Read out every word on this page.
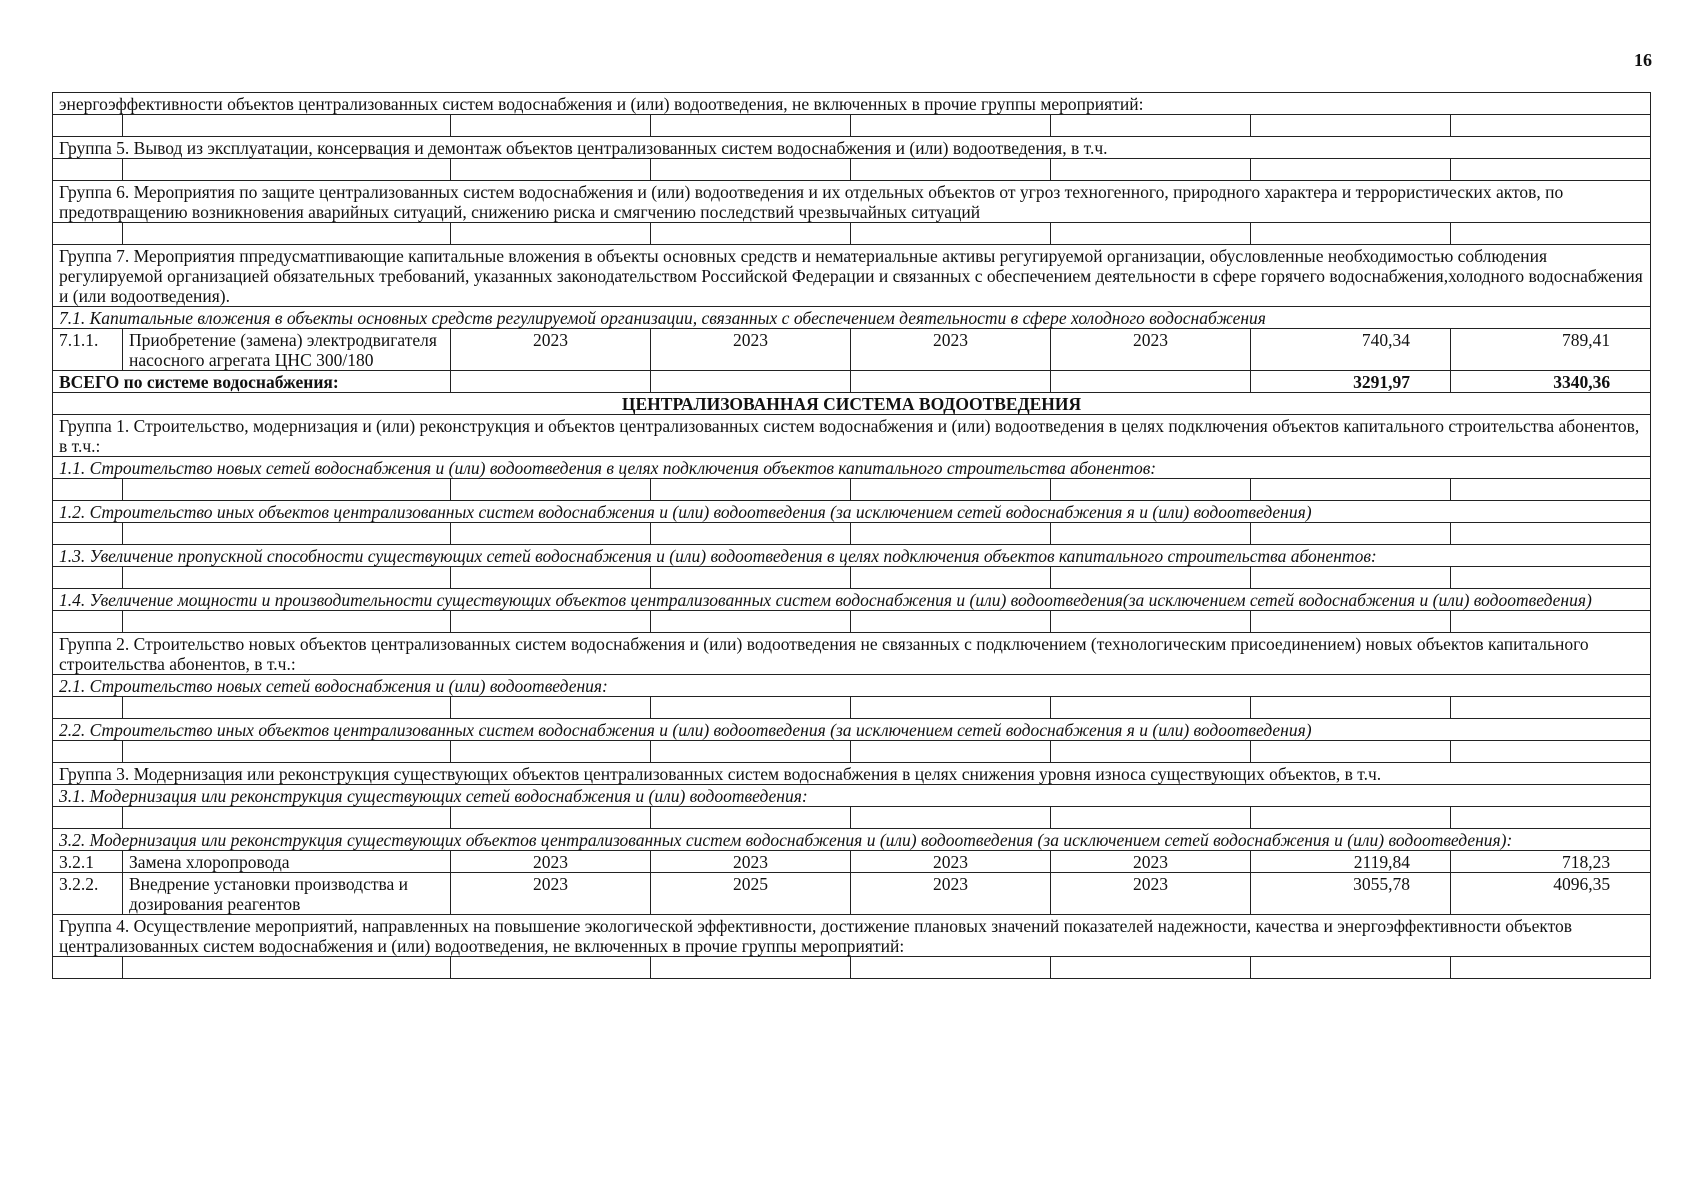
16
энергоэффективности объектов централизованных систем водоснабжения и (или) водоотведения, не включенных в прочие группы мероприятий:							

Группа 5. Вывод из эксплуатации, консервация и демонтаж объектов централизованных систем водоснабжения и (или) водоотведения, в т.ч.							

Группа 6. Мероприятия по защите централизованных систем водоснабжения и (или) водоотведения и их отдельных объектов от угроз техногенного, природного характера и террористических актов, по предотвращению возникновения аварийных ситуаций, снижению риска и смягчению последствий чрезвычайных ситуаций							

Группа 7. Мероприятия ппредусматпивающие капитальные вложения в объекты основных средств и нематериальные активы регугируемой организации, обусловленные необходимостью соблюдения регулируемой организацией обязательных требований, указанных законодательством Российской Федерации и связанных с обеспечением деятельности в сфере горячего водоснабжения,холодного водоснабжения и (или водоотведения).							
7.1. Капитальные вложения в объекты основных средств регулируемой организации, связанных с обеспечением деятельности в сфере холодного водоснабжения							
7.1.1.	Приобретение (замена) электродвигателя насосного агрегата ЦНС 300/180	2023	2023	2023	2023	740,34	789,41
ВСЕГО по системе водоснабжения:						3291,97	3340,36
ЦЕНТРАЛИЗОВАННАЯ СИСТЕМА ВОДООТВЕДЕНИЯ							
Группа 1. Строительство, модернизация и (или) реконструкция и объектов централизованных систем водоснабжения и (или) водоотведения в целях подключения объектов капитального строительства абонентов, в т.ч.:							
1.1. Строительство новых сетей водоснабжения и (или) водоотведения в целях подключения объектов капитального строительства абонентов:							

1.2. Строительство иных объектов централизованных систем водоснабжения и (или) водоотведения (за исключением сетей водоснабжения я и (или) водоотведения)							

1.3. Увеличение пропускной способности существующих сетей водоснабжения и (или) водоотведения в целях подключения объектов капитального строительства абонентов:							

1.4. Увеличение мощности и производительности существующих объектов централизованных систем водоснабжения и (или) водоотведения(за исключением сетей водоснабжения и (или) водоотведения)							

Группа 2. Строительство новых объектов централизованных систем водоснабжения и (или) водоотведения не связанных с подключением (технологическим присоединением) новых объектов капитального строительства абонентов, в т.ч.:							
2.1. Строительство новых сетей водоснабжения и (или) водоотведения:							

2.2. Строительство иных объектов централизованных систем водоснабжения и (или) водоотведения (за исключением сетей водоснабжения я и (или) водоотведения)							

Группа 3. Модернизация или реконструкция существующих объектов централизованных систем водоснабжения в целях снижения уровня износа существующих объектов, в т.ч.							
3.1. Модернизация или реконструкция существующих сетей водоснабжения и (или) водоотведения:							

3.2. Модернизация или реконструкция существующих объектов централизованных систем водоснабжения и (или) водоотведения (за исключением сетей водоснабжения и (или) водоотведения):							
3.2.1	Замена хлоропровода	2023	2023	2023	2023	2119,84	718,23
3.2.2.	Внедрение установки производства и дозирования реагентов	2023	2025	2023	2023	3055,78	4096,35
Группа 4. Осуществление мероприятий, направленных на повышение экологической эффективности, достижение плановых значений показателей надежности, качества и энергоэффективности объектов централизованных систем водоснабжения и (или) водоотведения, не включенных в прочие группы мероприятий:							
